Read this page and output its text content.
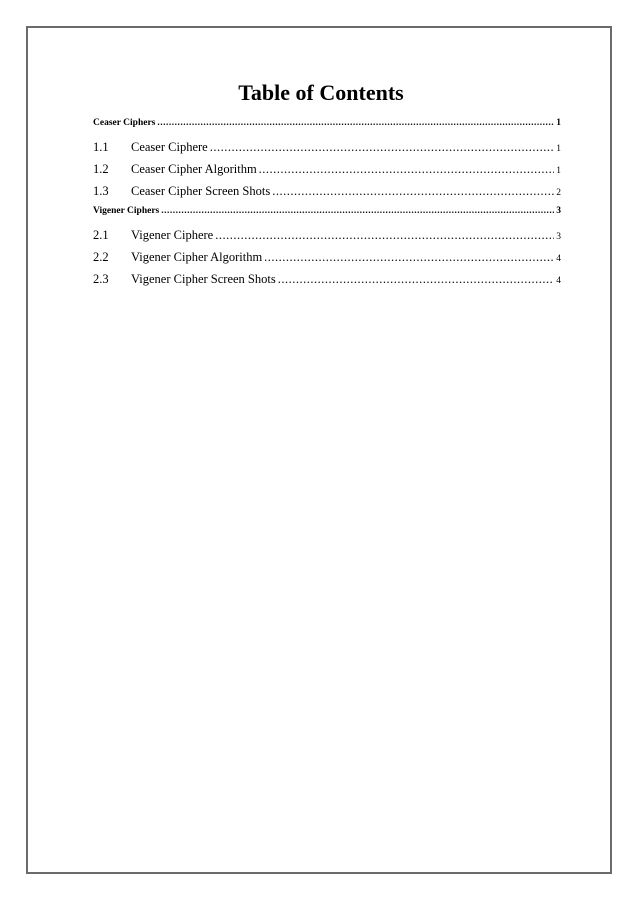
Table of Contents
Ceaser Ciphers .....	1
1.1	Ceaser Ciphere .....	1
1.2	Ceaser Cipher Algorithm .....	1
1.3	Ceaser Cipher Screen Shots .....	2
Vigener Ciphers .....	3
2.1	Vigener Ciphere .....	3
2.2	Vigener Cipher Algorithm .....	4
2.3	Vigener Cipher Screen Shots .....	4
